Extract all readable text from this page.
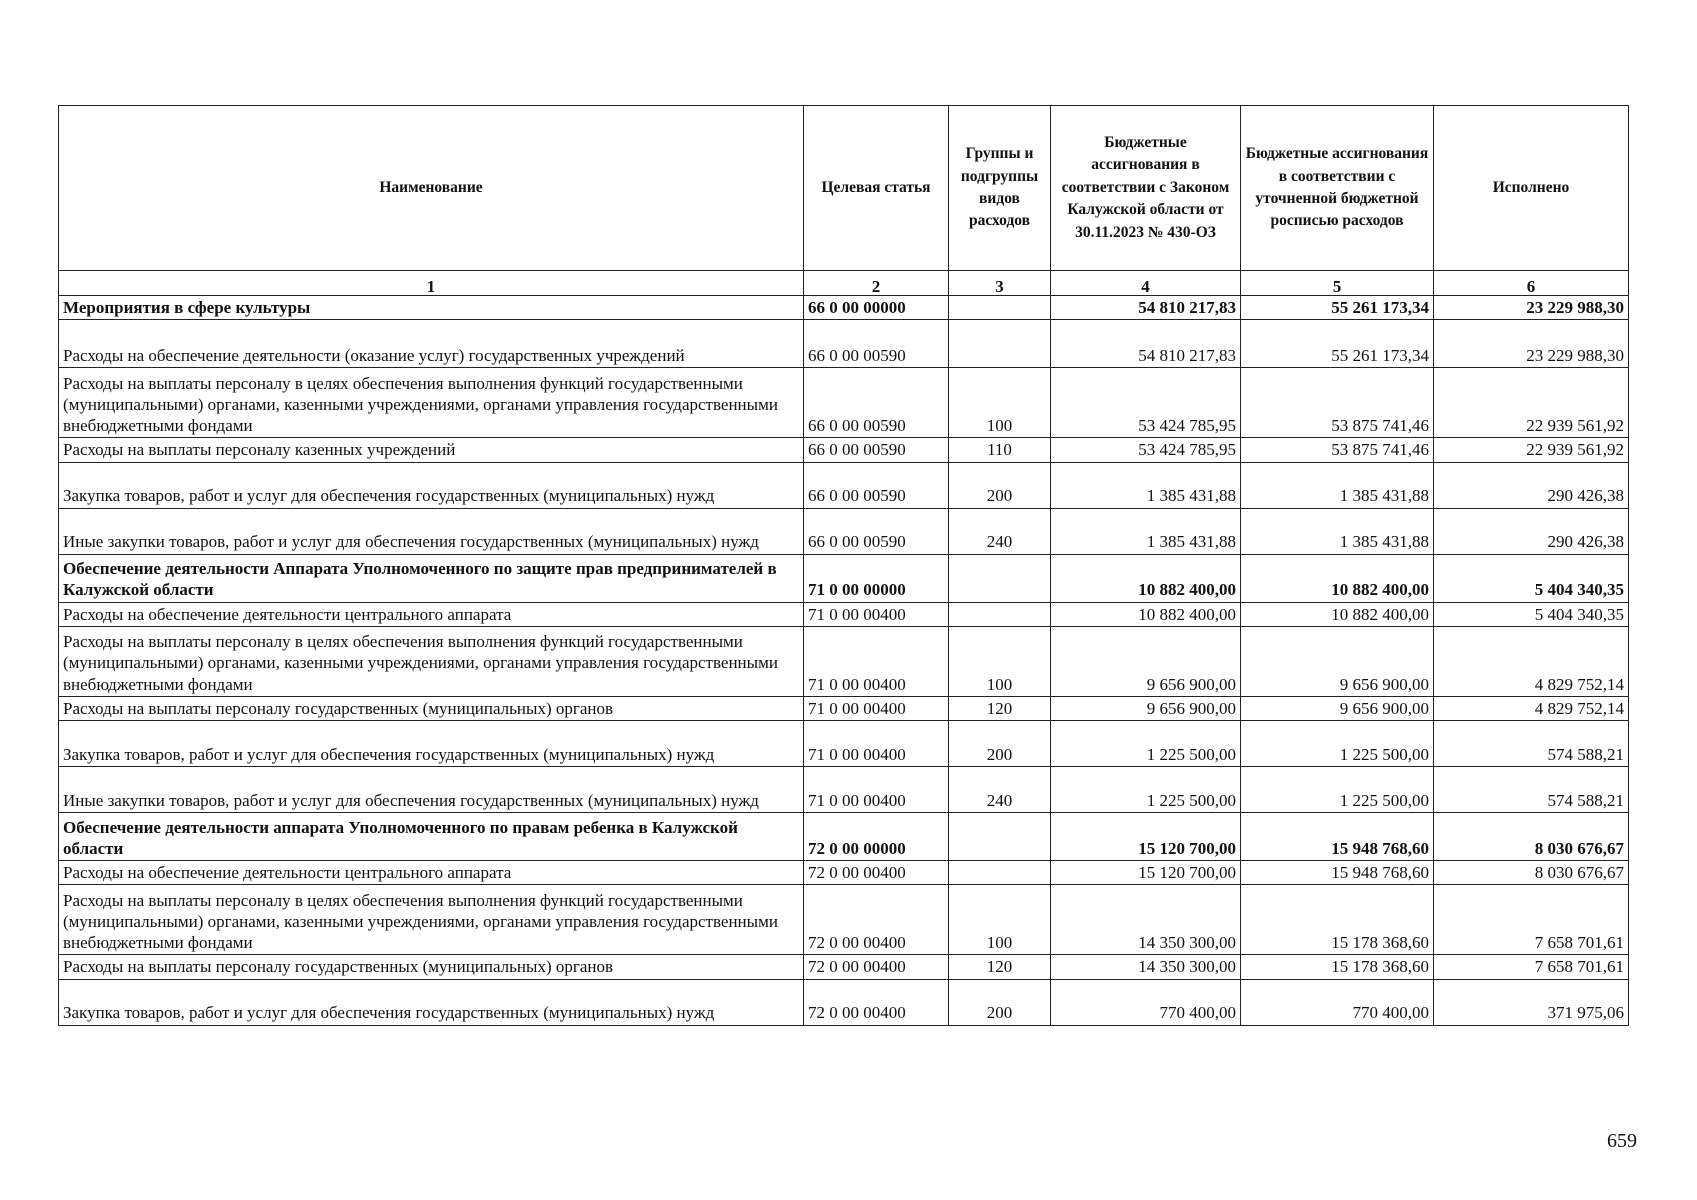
Наименование	Целевая статья	Группы и подгруппы видов расходов	Бюджетные ассигнования в соответствии с Законом Калужской области от 30.11.2023 № 430-ОЗ	Бюджетные ассигнования в соответствии с уточненной бюджетной росписью расходов	Исполнено
1	2	3	4	5	6
Мероприятия в сфере культуры	66 0 00 00000		54 810 217,83	55 261 173,34	23 229 988,30
Расходы на обеспечение деятельности (оказание услуг) государственных учреждений	66 0 00 00590		54 810 217,83	55 261 173,34	23 229 988,30
Расходы на выплаты персоналу в целях обеспечения выполнения функций государственными (муниципальными) органами, казенными учреждениями, органами управления государственными внебюджетными фондами	66 0 00 00590	100	53 424 785,95	53 875 741,46	22 939 561,92
Расходы на выплаты персоналу казенных учреждений	66 0 00 00590	110	53 424 785,95	53 875 741,46	22 939 561,92
Закупка товаров, работ и услуг для обеспечения государственных (муниципальных) нужд	66 0 00 00590	200	1 385 431,88	1 385 431,88	290 426,38
Иные закупки товаров, работ и услуг для обеспечения государственных (муниципальных) нужд	66 0 00 00590	240	1 385 431,88	1 385 431,88	290 426,38
Обеспечение деятельности Аппарата Уполномоченного по защите прав предпринимателей в Калужской области	71 0 00 00000		10 882 400,00	10 882 400,00	5 404 340,35
Расходы на обеспечение деятельности центрального аппарата	71 0 00 00400		10 882 400,00	10 882 400,00	5 404 340,35
Расходы на выплаты персоналу в целях обеспечения выполнения функций государственными (муниципальными) органами, казенными учреждениями, органами управления государственными внебюджетными фондами	71 0 00 00400	100	9 656 900,00	9 656 900,00	4 829 752,14
Расходы на выплаты персоналу государственных (муниципальных) органов	71 0 00 00400	120	9 656 900,00	9 656 900,00	4 829 752,14
Закупка товаров, работ и услуг для обеспечения государственных (муниципальных) нужд	71 0 00 00400	200	1 225 500,00	1 225 500,00	574 588,21
Иные закупки товаров, работ и услуг для обеспечения государственных (муниципальных) нужд	71 0 00 00400	240	1 225 500,00	1 225 500,00	574 588,21
Обеспечение деятельности аппарата Уполномоченного по правам ребенка в Калужской области	72 0 00 00000		15 120 700,00	15 948 768,60	8 030 676,67
Расходы на обеспечение деятельности центрального аппарата	72 0 00 00400		15 120 700,00	15 948 768,60	8 030 676,67
Расходы на выплаты персоналу в целях обеспечения выполнения функций государственными (муниципальными) органами, казенными учреждениями, органами управления государственными внебюджетными фондами	72 0 00 00400	100	14 350 300,00	15 178 368,60	7 658 701,61
Расходы на выплаты персоналу государственных (муниципальных) органов	72 0 00 00400	120	14 350 300,00	15 178 368,60	7 658 701,61
Закупка товаров, работ и услуг для обеспечения государственных (муниципальных) нужд	72 0 00 00400	200	770 400,00	770 400,00	371 975,06
659
